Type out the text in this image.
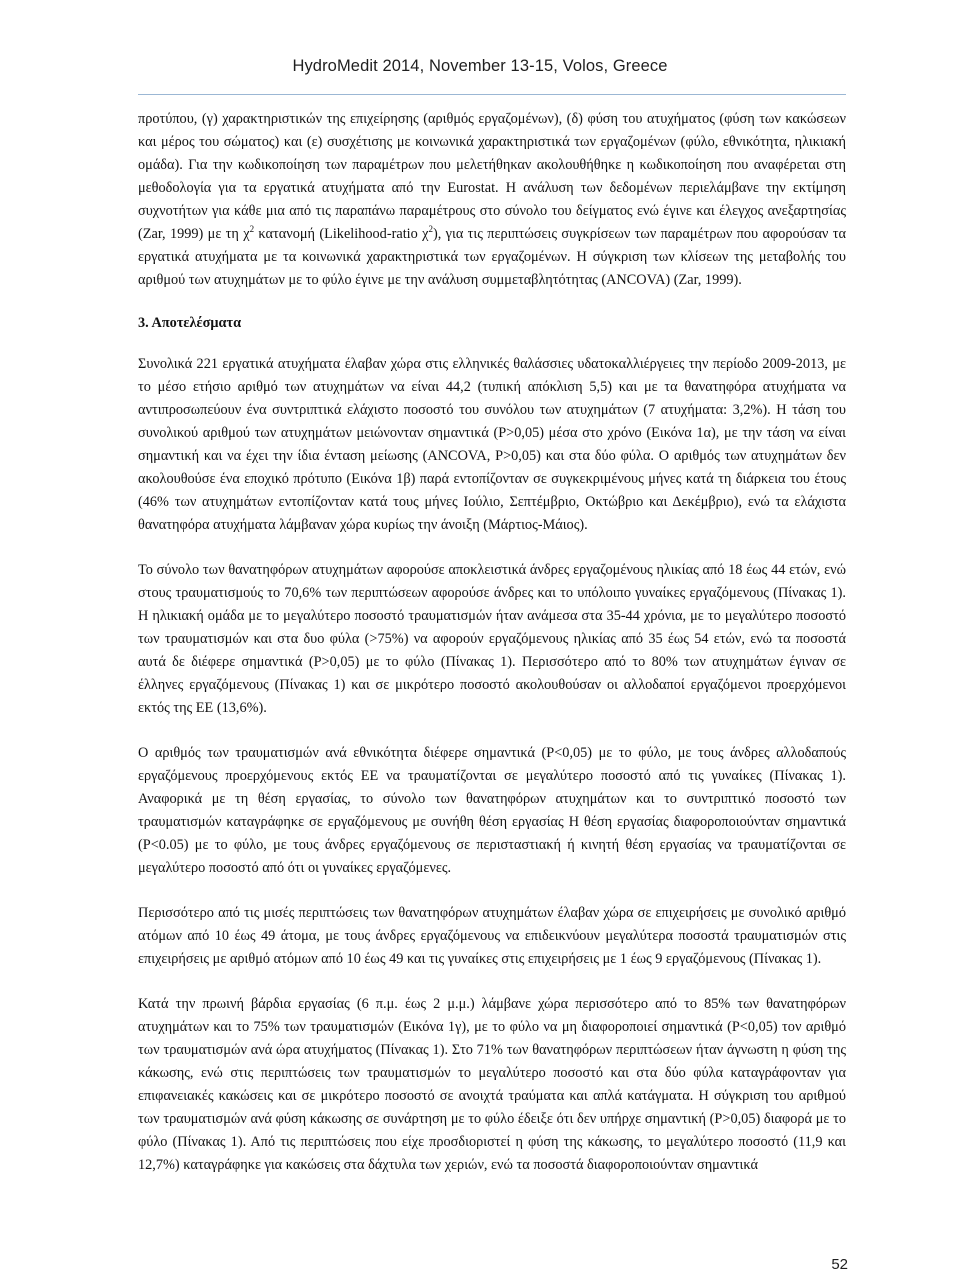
HydroMedit 2014, November 13-15, Volos, Greece

προτύπου, (γ) χαρακτηριστικών της επιχείρησης (αριθμός εργαζομένων), (δ) φύση του ατυχήματος (φύση των κακώσεων και μέρος του σώματος) και (ε) συσχέτισης με κοινωνικά χαρακτηριστικά των εργαζομένων (φύλο, εθνικότητα, ηλικιακή ομάδα). Για την κωδικοποίηση των παραμέτρων που μελετήθηκαν ακολουθήθηκε η κωδικοποίηση που αναφέρεται στη μεθοδολογία για τα εργατικά ατυχήματα από την Eurostat. Η ανάλυση των δεδομένων περιελάμβανε την εκτίμηση συχνοτήτων για κάθε μια από τις παραπάνω παραμέτρους στο σύνολο του δείγματος ενώ έγινε και έλεγχος ανεξαρτησίας (Zar, 1999) με τη $\chi^2$ κατανομή (Likelihood-ratio $\chi^2$), για τις περιπτώσεις συγκρίσεων των παραμέτρων που αφορούσαν τα εργατικά ατυχήματα με τα κοινωνικά χαρακτηριστικά των εργαζομένων. Η σύγκριση των κλίσεων της μεταβολής του αριθμού των ατυχημάτων με το φύλο έγινε με την ανάλυση συμμεταβλητότητας (ANCOVA) (Zar, 1999).

3. Αποτελέσματα

Συνολικά 221 εργατικά ατυχήματα έλαβαν χώρα στις ελληνικές θαλάσσιες υδατοκαλλιέργειες την περίοδο 2009-2013, με το μέσο ετήσιο αριθμό των ατυχημάτων να είναι 44,2 (τυπική απόκλιση 5,5) και με τα θανατηφόρα ατυχήματα να αντιπροσωπεύουν ένα συντριπτικά ελάχιστο ποσοστό του συνόλου των ατυχημάτων (7 ατυχήματα: 3,2%). Η τάση του συνολικού αριθμού των ατυχημάτων μειώνονταν σημαντικά (P>0,05) μέσα στο χρόνο (Εικόνα 1α), με την τάση να είναι σημαντική και να έχει την ίδια ένταση μείωσης (ANCOVA, P>0,05) και στα δύο φύλα. Ο αριθμός των ατυχημάτων δεν ακολουθούσε ένα εποχικό πρότυπο (Εικόνα 1β) παρά εντοπίζονταν σε συγκεκριμένους μήνες κατά τη διάρκεια του έτους (46% των ατυχημάτων εντοπίζονταν κατά τους μήνες Ιούλιο, Σεπτέμβριο, Οκτώβριο και Δεκέμβριο), ενώ τα ελάχιστα θανατηφόρα ατυχήματα λάμβαναν χώρα κυρίως την άνοιξη (Μάρτιος-Μάιος).

Το σύνολο των θανατηφόρων ατυχημάτων αφορούσε αποκλειστικά άνδρες εργαζομένους ηλικίας από 18 έως 44 ετών, ενώ στους τραυματισμούς το 70,6% των περιπτώσεων αφορούσε άνδρες και το υπόλοιπο γυναίκες εργαζόμενους (Πίνακας 1). Η ηλικιακή ομάδα με το μεγαλύτερο ποσοστό τραυματισμών ήταν ανάμεσα στα 35-44 χρόνια, με το μεγαλύτερο ποσοστό των τραυματισμών και στα δυο φύλα (>75%) να αφορούν εργαζόμενους ηλικίας από 35 έως 54 ετών, ενώ τα ποσοστά αυτά δε διέφερε σημαντικά (P>0,05) με το φύλο (Πίνακας 1). Περισσότερο από το 80% των ατυχημάτων έγιναν σε έλληνες εργαζόμενους (Πίνακας 1) και σε μικρότερο ποσοστό ακολουθούσαν οι αλλοδαποί εργαζόμενοι προερχόμενοι εκτός της ΕΕ (13,6%).

Ο αριθμός των τραυματισμών ανά εθνικότητα διέφερε σημαντικά (P<0,05) με το φύλο, με τους άνδρες αλλοδαπούς εργαζόμενους προερχόμενους εκτός ΕΕ να τραυματίζονται σε μεγαλύτερο ποσοστό από τις γυναίκες (Πίνακας 1). Αναφορικά με τη θέση εργασίας, το σύνολο των θανατηφόρων ατυχημάτων και το συντριπτικό ποσοστό των τραυματισμών καταγράφηκε σε εργαζόμενους με συνήθη θέση εργασίας Η θέση εργασίας διαφοροποιούνταν σημαντικά (P<0.05) με το φύλο, με τους άνδρες εργαζόμενους σε περισταστιακή ή κινητή θέση εργασίας να τραυματίζονται σε μεγαλύτερο ποσοστό από ότι οι γυναίκες εργαζόμενες.

Περισσότερο από τις μισές περιπτώσεις των θανατηφόρων ατυχημάτων έλαβαν χώρα σε επιχειρήσεις με συνολικό αριθμό ατόμων από 10 έως 49 άτομα, με τους άνδρες εργαζόμενους να επιδεικνύουν μεγαλύτερα ποσοστά τραυματισμών στις επιχειρήσεις με αριθμό ατόμων από 10 έως 49 και τις γυναίκες στις επιχειρήσεις με 1 έως 9 εργαζόμενους (Πίνακας 1).

Κατά την πρωινή βάρδια εργασίας (6 π.μ. έως 2 μ.μ.) λάμβανε χώρα περισσότερο από το 85% των θανατηφόρων ατυχημάτων και το 75% των τραυματισμών (Εικόνα 1γ), με το φύλο να μη διαφοροποιεί σημαντικά (P<0,05) τον αριθμό των τραυματισμών ανά ώρα ατυχήματος (Πίνακας 1). Στο 71% των θανατηφόρων περιπτώσεων ήταν άγνωστη η φύση της κάκωσης, ενώ στις περιπτώσεις των τραυματισμών το μεγαλύτερο ποσοστό και στα δύο φύλα καταγράφονταν για επιφανειακές κακώσεις και σε μικρότερο ποσοστό σε ανοιχτά τραύματα και απλά κατάγματα. Η σύγκριση του αριθμού των τραυματισμών ανά φύση κάκωσης σε συνάρτηση με το φύλο έδειξε ότι δεν υπήρχε σημαντική (P>0,05) διαφορά με το φύλο (Πίνακας 1). Από τις περιπτώσεις που είχε προσδιοριστεί η φύση της κάκωσης, το μεγαλύτερο ποσοστό (11,9 και 12,7%) καταγράφηκε για κακώσεις στα δάχτυλα των χεριών, ενώ τα ποσοστά διαφοροποιούνταν σημαντικά

52
